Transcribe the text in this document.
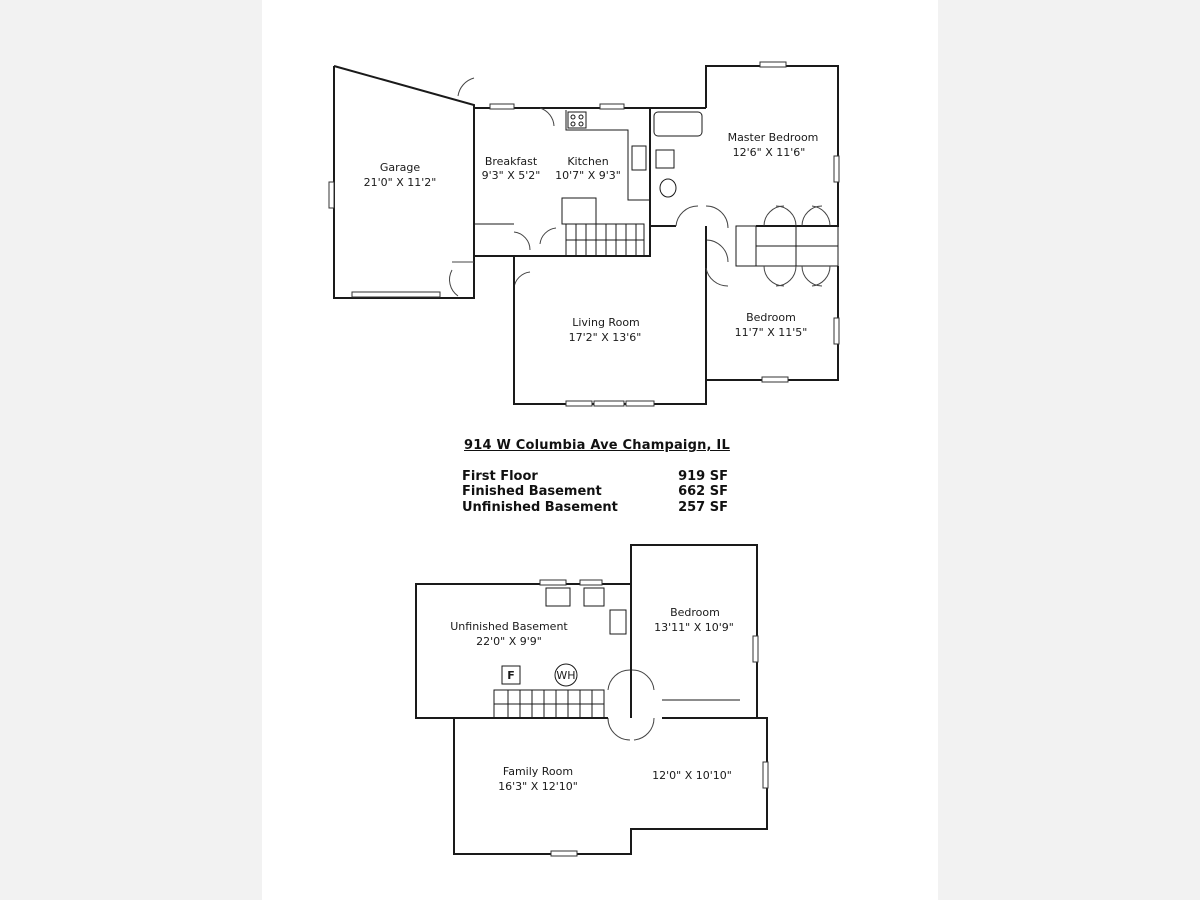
Garage
21'0" X 11'2"
Breakfast
9'3" X 5'2"
Kitchen
10'7" X 9'3"
Master Bedroom
12'6" X 11'6"
Living Room
17'2" X 13'6"
Bedroom
11'7" X 11'5"
F	WH
Unfinished Basement
22'0" X 9'9"
Bedroom
13'11" X 10'9"
Family Room
16'3" X 12'10"
12'0" X 10'10"
914 W Columbia Ave Champaign, IL
First Floor	919 SF
Finished Basement	662 SF
Unfinished Basement	257 SF
